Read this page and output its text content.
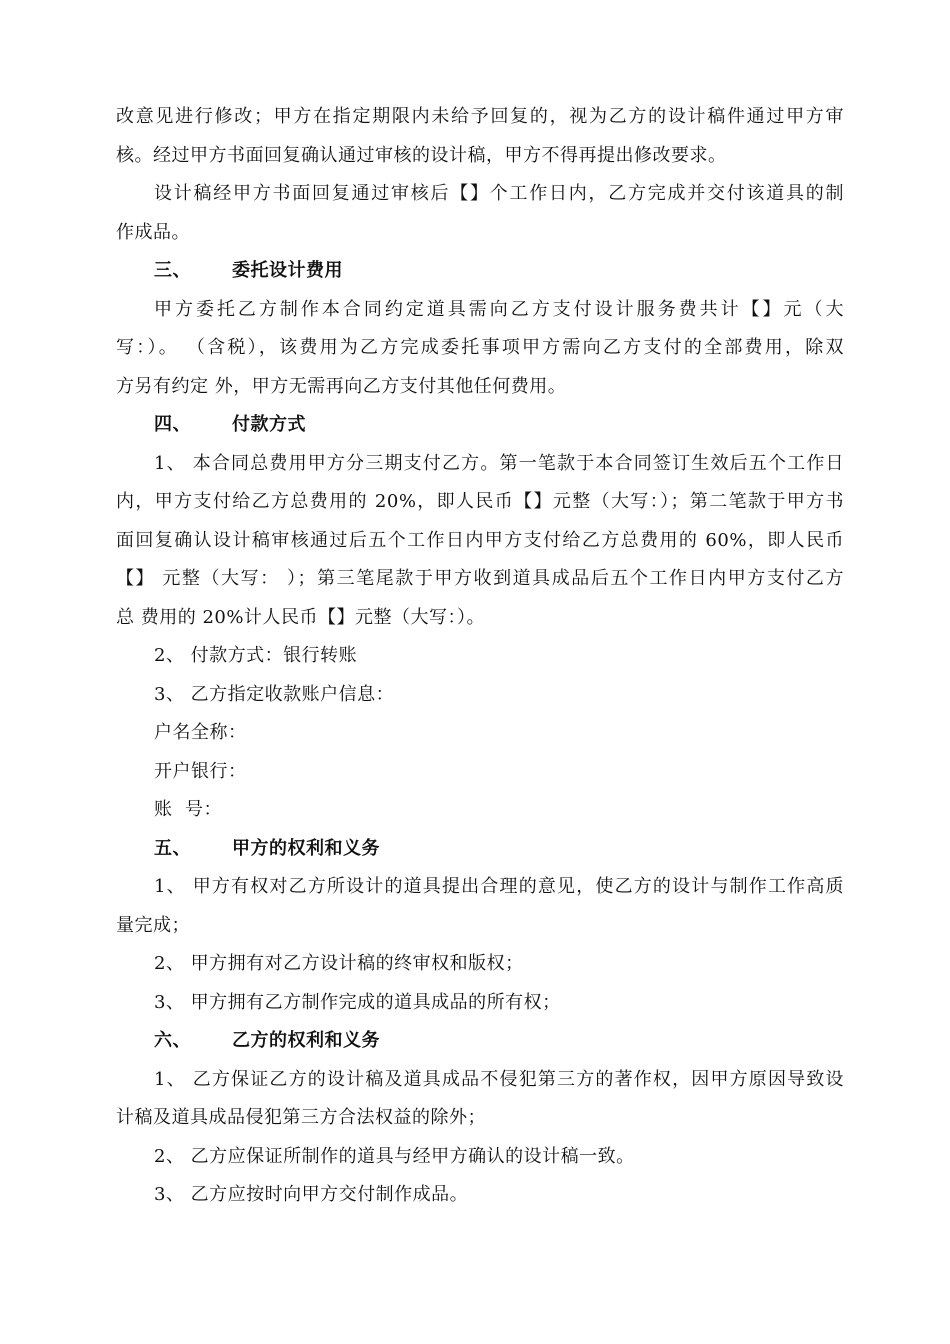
改意见进行修改；甲方在指定期限内未给予回复的，视为乙方的设计稿件通过甲方审
核。经过甲方书面回复确认通过审核的设计稿，甲方不得再提出修改要求。
设计稿经甲方书面回复通过审核后【】个工作日内，乙方完成并交付该道具的制
作成品。
三、 委托设计费用
甲方委托乙方制作本合同约定道具需向乙方支付设计服务费共计【】元（大
写：）。 （含税），该费用为乙方完成委托事项甲方需向乙方支付的全部费用，除双
方另有约定 外，甲方无需再向乙方支付其他任何费用。
四、 付款方式
1、 本合同总费用甲方分三期支付乙方。第一笔款于本合同签订生效后五个工作日
内，甲方支付给乙方总费用的 20%，即人民币【】元整（大写：）；第二笔款于甲方书
面回复确认设计稿审核通过后五个工作日内甲方支付给乙方总费用的 60%，即人民币
【】 元整（大写： ）；第三笔尾款于甲方收到道具成品后五个工作日内甲方支付乙方
总 费用的 20%计人民币【】元整（大写：）。
2、 付款方式：银行转账
3、 乙方指定收款账户信息：
户名全称：
开户银行：
账  号：
五、 甲方的权利和义务
1、 甲方有权对乙方所设计的道具提出合理的意见，使乙方的设计与制作工作高质
量完成；
2、 甲方拥有对乙方设计稿的终审权和版权；
3、 甲方拥有乙方制作完成的道具成品的所有权；
六、 乙方的权利和义务
1、 乙方保证乙方的设计稿及道具成品不侵犯第三方的著作权，因甲方原因导致设
计稿及道具成品侵犯第三方合法权益的除外；
2、 乙方应保证所制作的道具与经甲方确认的设计稿一致。
3、 乙方应按时向甲方交付制作成品。
